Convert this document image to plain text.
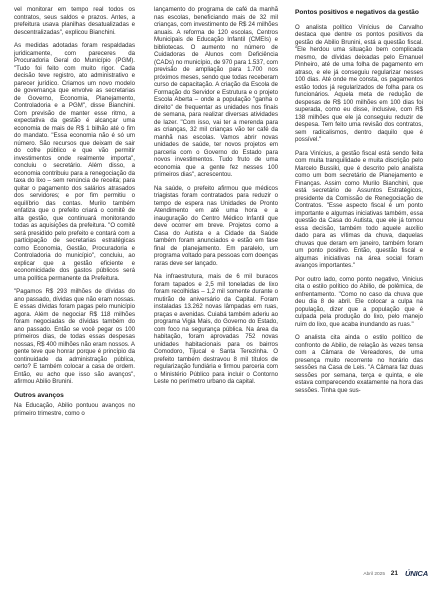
vel monitorar em tempo real todos os contratos, seus saldos e prazos. Antes, a prefeitura usava planilhas desatualizadas e descentralizadas", explicou Bianchini.

As medidas adotadas foram respaldadas juridicamente, com pareceres da Procuradoria Geral do Município (PGM). "Tudo foi feito com muito rigor. Cada decisão teve registro, ato administrativo e parecer jurídico. Criamos um novo modelo de governança que envolve as secretarias de Governo, Economia, Planejamento, Controladoria e a PGM", disse Bianchini. Com previsão de manter esse ritmo, a expectativa da gestão é alcançar uma economia de mais de R$ 1 bilhão até o fim do mandato. "Essa economia não é só um número. São recursos que deixam de sair do cofre público e que vão permitir investimentos onde realmente importa", concluiu o secretário. Além disso, a economia contribuiu para a renegociação da taxa do lixo – sem renúncia de receita; para quitar o pagamento dos salários atrasados dos servidores; e por fim permitiu o equilíbrio das contas. Murilo também enfatiza que o prefeito criará o comitê de alta gestão, que continuará monitorando todas as aquisições da prefeitura. "O comitê será presidido pelo prefeito e contará com a participação de secretarias estratégicas como Economia, Gestão, Procuradoria e Controladoria do município", concluiu, ao explicar que a gestão eficiente e economicidade dos gastos públicos será uma política permanente da Prefeitura.

"Pagamos R$ 293 milhões de dívidas do ano passado, dívidas que não eram nossas. E essas dívidas foram pagas pelo município agora. Além de negociar R$ 118 milhões foram negociadas de dívidas também do ano passado. Então se você pegar os 100 primeiros dias, de todas essas despesas nossas, R$ 400 milhões não eram nossos. A gente teve que honrar porque é princípio da continuidade da administração pública, certo? E também colocar a casa de ordem. Então, eu acho que isso são avanços", afirmou Abilio Brunini.

Outros avanços

Na Educação, Abilio pontuou avanços no primeiro trimestre, como o

lançamento do programa de café da manhã nas escolas, beneficiando mais de 32 mil crianças, com investimento de R$ 24 milhões anuais. A reforma de 120 escolas, Centros Municipais de Educação Infantil (CMEIs) e bibliotecas. O aumento no número de Cuidadoras de Alunos com Deficiência (CADs) no município, de 970 para 1.537, com previsão de ampliação para 1.700 nos próximos meses, sendo que todas receberam curso de capacitação. A criação da Escola de Formação do Servidor e Estrutura e o projeto Escola Aberta – onde a população "ganha o direito" de frequentar as unidades nos finais de semana, para realizar diversas atividades de lazer. "Com isso, vai ter a merenda para as crianças, 32 mil crianças vão ter café da manhã nas escolas. Vamos abrir novas unidades de saúde, ter novos projetos em parceria com o Governo do Estado para novos investimentos. Tudo fruto de uma economia que a gente fez nesses 100 primeiros dias", acrescentou.

Na saúde, o prefeito afirmou que médicos triagistas foram contratados para reduzir o tempo de espera nas Unidades de Pronto Atendimento em até uma hora e a inauguração do Centro Médico Infantil que deve ocorrer em breve. Projetos como a Casa do Autista e a Cidade da Saúde também foram anunciados e estão em fase final de planejamento. Em paralelo, um programa voltado para pessoas com doenças raras deve ser lançado.

Na infraestrutura, mais de 6 mil buracos foram tapados e 2,5 mil toneladas de lixo foram recolhidas – 1,2 mil somente durante o mutirão de aniversário da Capital. Foram instaladas 13.262 novas lâmpadas em ruas, praças e avenidas. Cuiabá também aderiu ao programa Vigia Mais, do Governo do Estado, com foco na segurança pública. Na área da habitação, foram aprovadas 752 novas unidades habitacionais para os bairros Comodoro, Tijucal e Santa Terezinha. O prefeito também destravou 8 mil títulos de regularização fundiária e firmou parceria com o Ministério Público para incluir o Contorno Leste no perímetro urbano da capital.

Pontos positivos e negativos da gestão

O analista político Vinícius de Carvalho destaca que dentre os pontos positivos da gestão de Abilio Brunini, está a questão fiscal. "Ele herdou uma situação bem complicada mesmo, de dívidas deixadas pelo Emanuel Pinheiro, até de uma folha de pagamento em atraso, e ele já conseguiu regularizar nesses 100 dias. Até onde me consta, os pagamentos estão todos já regularizados de folha para os funcionários. Aquela meta de redução de despesas de R$ 100 milhões em 100 dias foi superada, como eu disse, inclusive, com R$ 138 milhões que ele já conseguiu reduzir de despesa. Tem feito uma revisão dos contratos, sem radicalismos, dentro daquilo que é possível."

Para Vinícius, a gestão fiscal está sendo feita com muita tranquilidade e muita discrição pelo Marcelo Bussiki, que é descrito pelo analista como um bom secretário de Planejamento e Finanças. Assim como Murilo Bianchini, que está secretário de Assuntos Estratégicos, presidente da Comissão de Renegociação de Contratos. "Esse aspecto fiscal é um ponto importante e algumas iniciativas também, essa questão da Casa do Autista, que ele já tomou essa decisão, também todo aquele auxílio dado para as vítimas da chuva, daquelas chuvas que deram em janeiro, também foram um ponto positivo. Então, questão fiscal e algumas iniciativas na área social foram avanços importantes."

Por outro lado, como ponto negativo, Vinicius cita o estilo político do Abilio, de polêmica, de enfrentamento. "Como no caso da chuva que deu dia 8 de abril. Ele colocar a culpa na população, dizer que a população que é culpada pela produção do lixo, pelo manejo ruim do lixo, que acaba inundando as ruas."

O analista cita ainda o estilo político de confronto de Abilio, de relação às vezes tensa com a Câmara de Vereadores, de uma presença muito recorrente no horário das sessões na Casa de Leis. "A Câmara faz duas sessões por semana, terça e quinta, e ele estava comparecendo exatamente na hora das sessões. Tinha que sus-

Abril 2025 21 ÚNICA
